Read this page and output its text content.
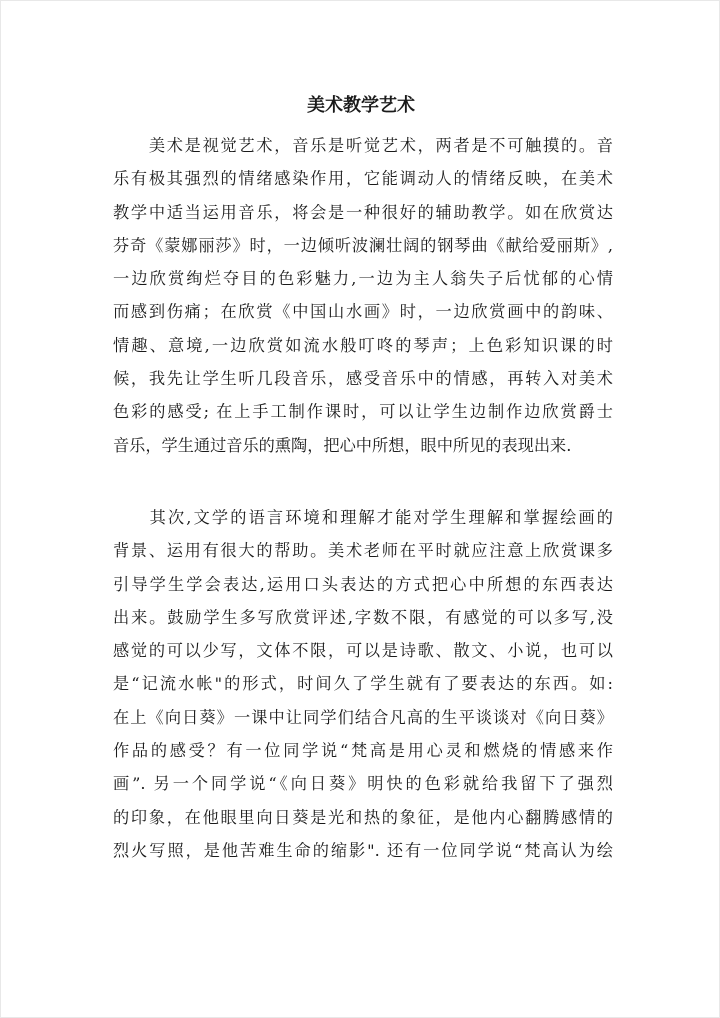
美术教学艺术
　　美术是视觉艺术，音乐是听觉艺术，两者是不可触摸的。音
乐有极其强烈的情绪感染作用，它能调动人的情绪反映，在美术
教学中适当运用音乐，将会是一种很好的辅助教学。如在欣赏达
芬奇《蒙娜丽莎》时，一边倾听波澜壮阔的钢琴曲《献给爱丽斯》,
一边欣赏绚烂夺目的色彩魅力,一边为主人翁失子后忧郁的心情
而感到伤痛；在欣赏《中国山水画》时，一边欣赏画中的韵味、
情趣、意境,一边欣赏如流水般叮咚的琴声；上色彩知识课的时
候，我先让学生听几段音乐，感受音乐中的情感，再转入对美术
色彩的感受; 在上手工制作课时，可以让学生边制作边欣赏爵士
音乐，学生通过音乐的熏陶，把心中所想，眼中所见的表现出来.
　　其次,文学的语言环境和理解才能对学生理解和掌握绘画的
背景、运用有很大的帮助。美术老师在平时就应注意上欣赏课多
引导学生学会表达,运用口头表达的方式把心中所想的东西表达
出来。鼓励学生多写欣赏评述,字数不限，有感觉的可以多写,没
感觉的可以少写，文体不限，可以是诗歌、散文、小说，也可以
是“记流水帐"的形式，时间久了学生就有了要表达的东西。如:
在上《向日葵》一课中让同学们结合凡高的生平谈谈对《向日葵》
作品的感受？有一位同学说“梵高是用心灵和燃烧的情感来作
画”. 另一个同学说“《向日葵》明快的色彩就给我留下了强烈
的印象，在他眼里向日葵是光和热的象征，是他内心翻腾感情的
烈火写照，是他苦难生命的缩影". 还有一位同学说“梵高认为绘
